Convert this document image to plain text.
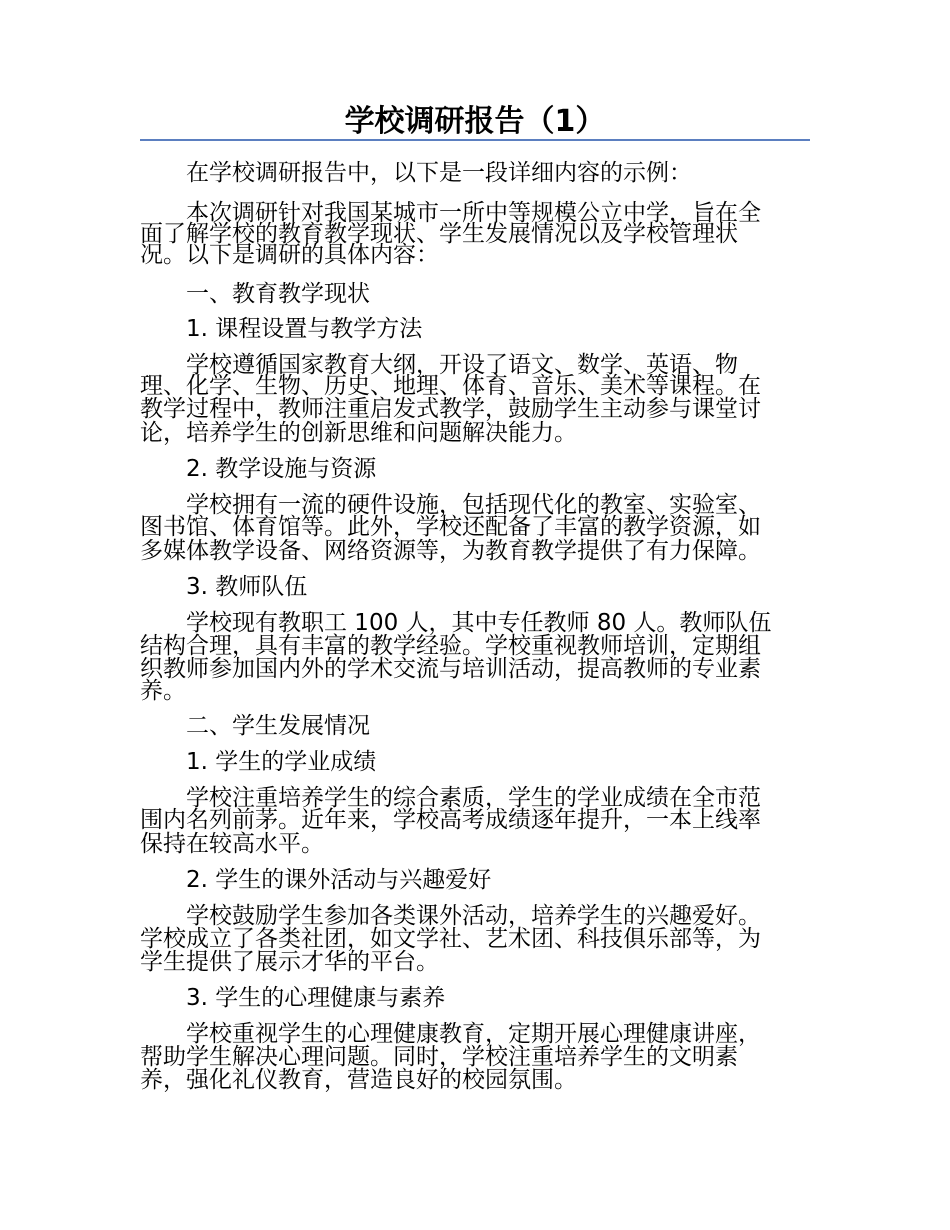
学校调研报告（1）
在学校调研报告中，以下是一段详细内容的示例：
本次调研针对我国某城市一所中等规模公立中学，旨在全
面了解学校的教育教学现状、学生发展情况以及学校管理状
况。以下是调研的具体内容：
一、教育教学现状
1. 课程设置与教学方法
学校遵循国家教育大纲，开设了语文、数学、英语、物
理、化学、生物、历史、地理、体育、音乐、美术等课程。在
教学过程中，教师注重启发式教学，鼓励学生主动参与课堂讨
论，培养学生的创新思维和问题解决能力。
2. 教学设施与资源
学校拥有一流的硬件设施，包括现代化的教室、实验室、
图书馆、体育馆等。此外，学校还配备了丰富的教学资源，如
多媒体教学设备、网络资源等，为教育教学提供了有力保障。
3. 教师队伍
学校现有教职工 100 人，其中专任教师 80 人。教师队伍
结构合理，具有丰富的教学经验。学校重视教师培训，定期组
织教师参加国内外的学术交流与培训活动，提高教师的专业素
养。
二、学生发展情况
1. 学生的学业成绩
学校注重培养学生的综合素质，学生的学业成绩在全市范
围内名列前茅。近年来，学校高考成绩逐年提升，一本上线率
保持在较高水平。
2. 学生的课外活动与兴趣爱好
学校鼓励学生参加各类课外活动，培养学生的兴趣爱好。
学校成立了各类社团，如文学社、艺术团、科技俱乐部等，为
学生提供了展示才华的平台。
3. 学生的心理健康与素养
学校重视学生的心理健康教育，定期开展心理健康讲座，
帮助学生解决心理问题。同时，学校注重培养学生的文明素
养，强化礼仪教育，营造良好的校园氛围。
